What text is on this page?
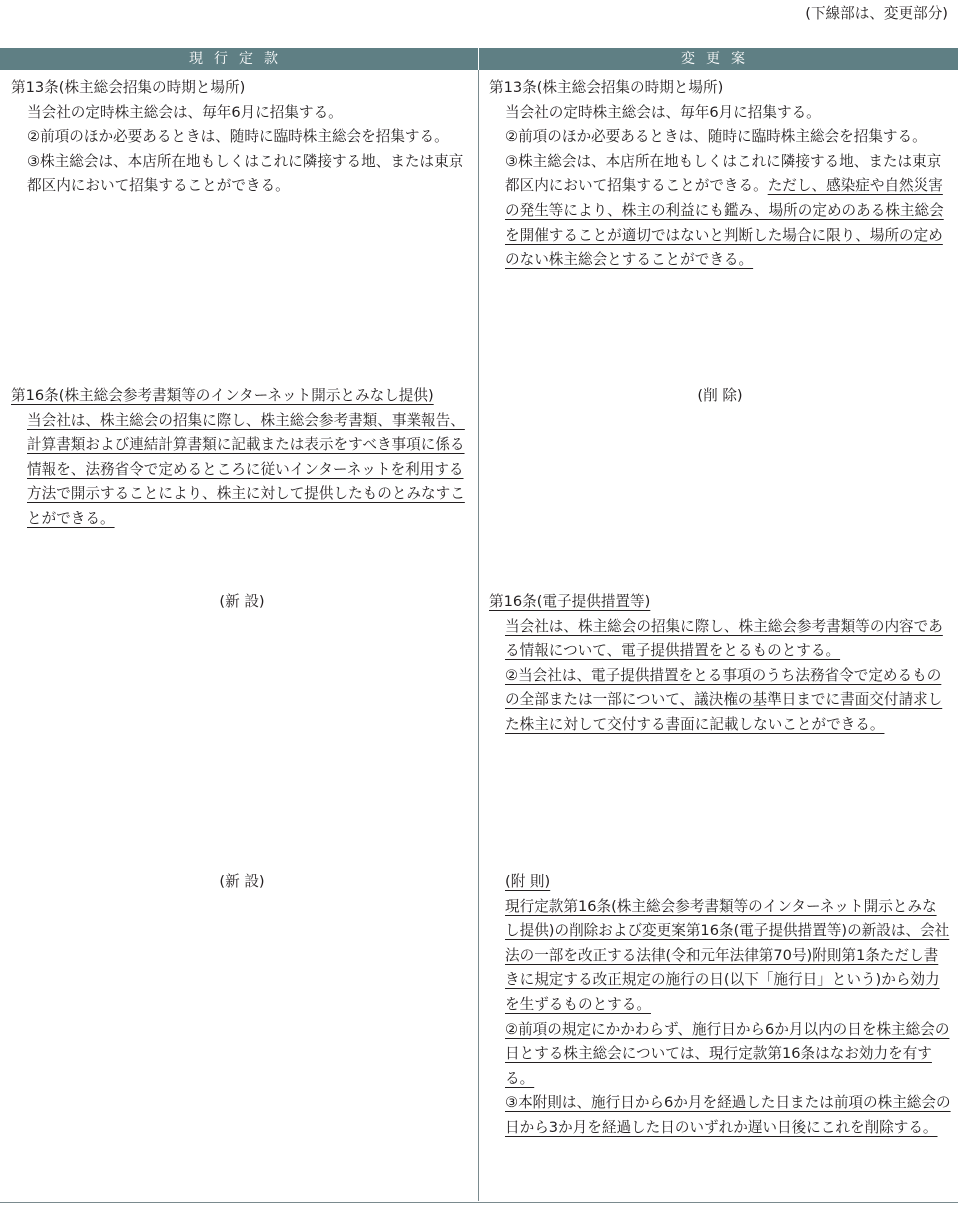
(下線部は、変更部分)
現行定款	変更案
第13条(株主総会招集の時期と場所)
当会社の定時株主総会は、毎年6月に招集する。
②前項のほか必要あるときは、随時に臨時株主総会を招集する。
③株主総会は、本店所在地もしくはこれに隣接する地、または東京都区内において招集することができる。
第16条(株主総会参考書類等のインターネット開示とみなし提供)
当会社は、株主総会の招集に際し、株主総会参考書類、事業報告、計算書類および連結計算書類に記載または表示をすべき事項に係る情報を、法務省令で定めるところに従いインターネットを利用する方法で開示することにより、株主に対して提供したものとみなすことができる。
(新 設)
(新 設)
第13条(株主総会招集の時期と場所)
当会社の定時株主総会は、毎年6月に招集する。
②前項のほか必要あるときは、随時に臨時株主総会を招集する。
③株主総会は、本店所在地もしくはこれに隣接する地、または東京都区内において招集することができる。ただし、感染症や自然災害の発生等により、株主の利益にも鑑み、場所の定めのある株主総会を開催することが適切ではないと判断した場合に限り、場所の定めのない株主総会とすることができる。
(削 除)
第16条(電子提供措置等)
当会社は、株主総会の招集に際し、株主総会参考書類等の内容である情報について、電子提供措置をとるものとする。
②当会社は、電子提供措置をとる事項のうち法務省令で定めるものの全部または一部について、議決権の基準日までに書面交付請求した株主に対して交付する書面に記載しないことができる。
(附 則)
現行定款第16条(株主総会参考書類等のインターネット開示とみなし提供)の削除および変更案第16条(電子提供措置等)の新設は、会社法の一部を改正する法律(令和元年法律第70号)附則第1条ただし書きに規定する改正規定の施行の日(以下「施行日」という)から効力を生ずるものとする。
②前項の規定にかかわらず、施行日から6か月以内の日を株主総会の日とする株主総会については、現行定款第16条はなお効力を有する。
③本附則は、施行日から6か月を経過した日または前項の株主総会の日から3か月を経過した日のいずれか遅い日後にこれを削除する。
